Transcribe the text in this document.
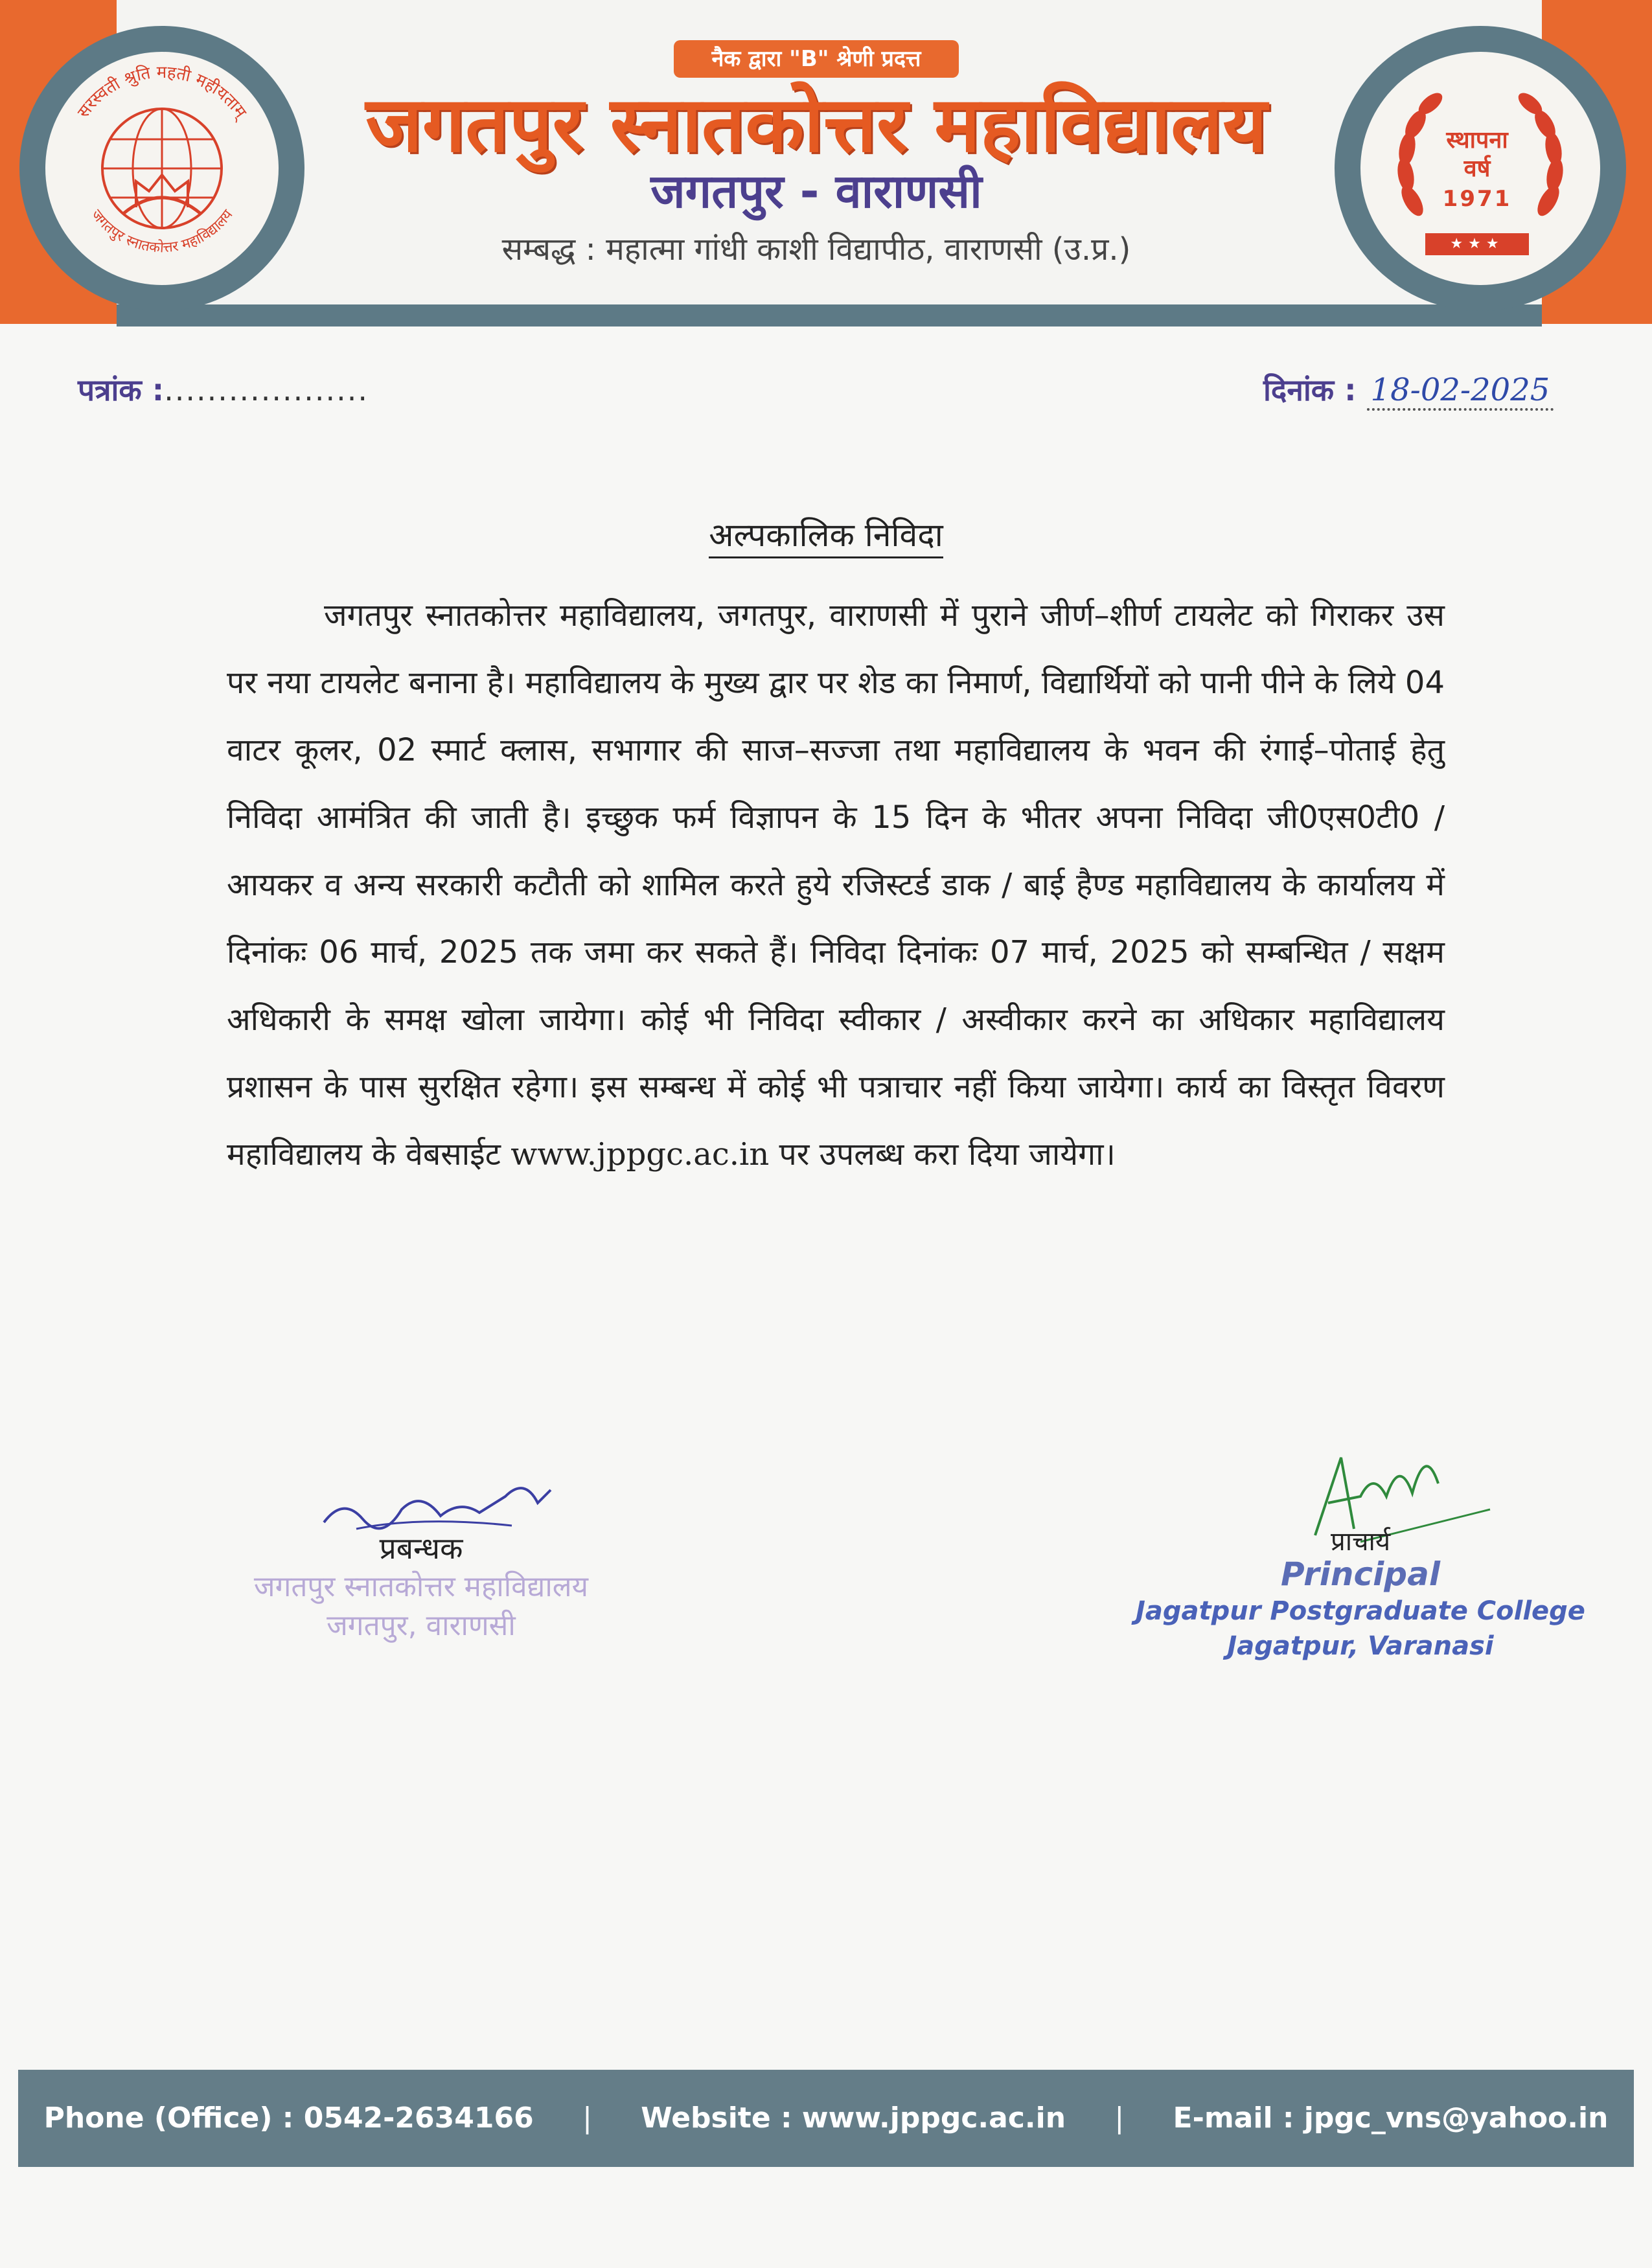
सरस्वती श्रुति महती महीयताम्
जगतपुर स्नातकोत्तर महाविद्यालय
नैक द्वारा "B" श्रेणी प्रदत्त
जगतपुर स्नातकोत्तर महाविद्यालय
जगतपुर - वाराणसी
सम्बद्ध : महात्मा गांधी काशी विद्यापीठ, वाराणसी (उ.प्र.)
स्थापना
वर्ष
1971
★★★
पत्रांक :...................	दिनांक : 18-02-2025
अल्पकालिक निविदा
जगतपुर स्नातकोत्तर महाविद्यालय, जगतपुर, वाराणसी में पुराने जीर्ण–शीर्ण टायलेट को गिराकर उस पर नया टायलेट बनाना है। महाविद्यालय के मुख्य द्वार पर शेड का निमार्ण, विद्यार्थियों को पानी पीने के लिये 04 वाटर कूलर, 02 स्मार्ट क्लास, सभागार की साज–सज्जा तथा महाविद्यालय के भवन की रंगाई–पोताई हेतु निविदा आमंत्रित की जाती है। इच्छुक फर्म विज्ञापन के 15 दिन के भीतर अपना निविदा जी0एस0टी0 / आयकर व अन्य सरकारी कटौती को शामिल करते हुये रजिस्टर्ड डाक / बाई हैण्ड महाविद्यालय के कार्यालय में दिनांकः 06 मार्च, 2025 तक जमा कर सकते हैं। निविदा दिनांकः 07 मार्च, 2025 को सम्बन्धित / सक्षम अधिकारी के समक्ष खोला जायेगा। कोई भी निविदा स्वीकार / अस्वीकार करने का अधिकार महाविद्यालय प्रशासन के पास सुरक्षित रहेगा। इस सम्बन्ध में कोई भी पत्राचार नहीं किया जायेगा। कार्य का विस्तृत विवरण महाविद्यालय के वेबसाईट www.jppgc.ac.in पर उपलब्ध करा दिया जायेगा।
प्रबन्धक
जगतपुर स्नातकोत्तर महाविद्यालय
जगतपुर, वाराणसी
प्राचार्य
Principal
Jagatpur Postgraduate College
Jagatpur, Varanasi
Phone (Office) : 0542-2634166 | Website : www.jppgc.ac.in | E-mail : jpgc_vns@yahoo.in
